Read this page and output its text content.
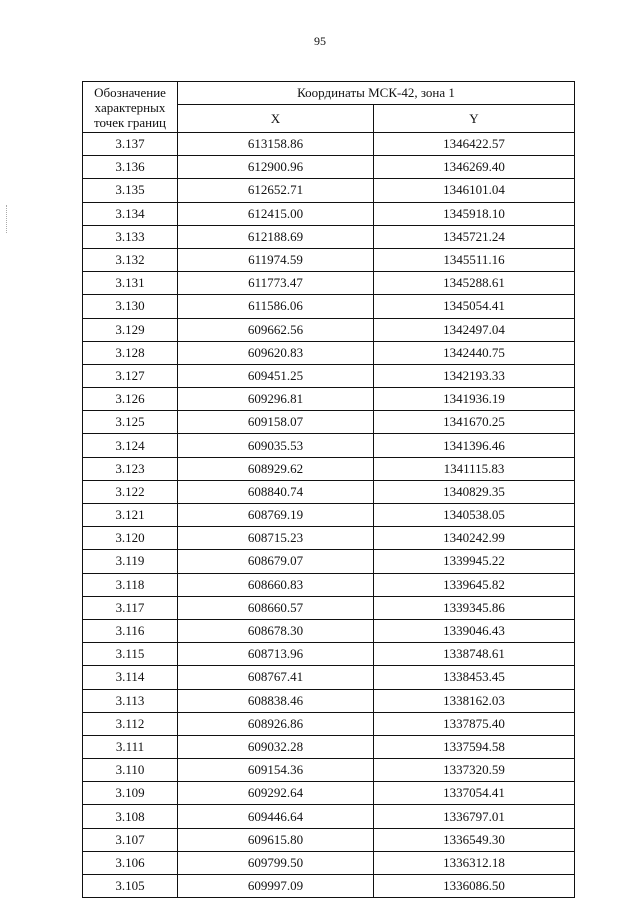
95
Обозначение
характерных
точек границ	Координаты МСК-42, зона 1	
	X	Y
3.137	613158.86	1346422.57
3.136	612900.96	1346269.40
3.135	612652.71	1346101.04
3.134	612415.00	1345918.10
3.133	612188.69	1345721.24
3.132	611974.59	1345511.16
3.131	611773.47	1345288.61
3.130	611586.06	1345054.41
3.129	609662.56	1342497.04
3.128	609620.83	1342440.75
3.127	609451.25	1342193.33
3.126	609296.81	1341936.19
3.125	609158.07	1341670.25
3.124	609035.53	1341396.46
3.123	608929.62	1341115.83
3.122	608840.74	1340829.35
3.121	608769.19	1340538.05
3.120	608715.23	1340242.99
3.119	608679.07	1339945.22
3.118	608660.83	1339645.82
3.117	608660.57	1339345.86
3.116	608678.30	1339046.43
3.115	608713.96	1338748.61
3.114	608767.41	1338453.45
3.113	608838.46	1338162.03
3.112	608926.86	1337875.40
3.111	609032.28	1337594.58
3.110	609154.36	1337320.59
3.109	609292.64	1337054.41
3.108	609446.64	1336797.01
3.107	609615.80	1336549.30
3.106	609799.50	1336312.18
3.105	609997.09	1336086.50
